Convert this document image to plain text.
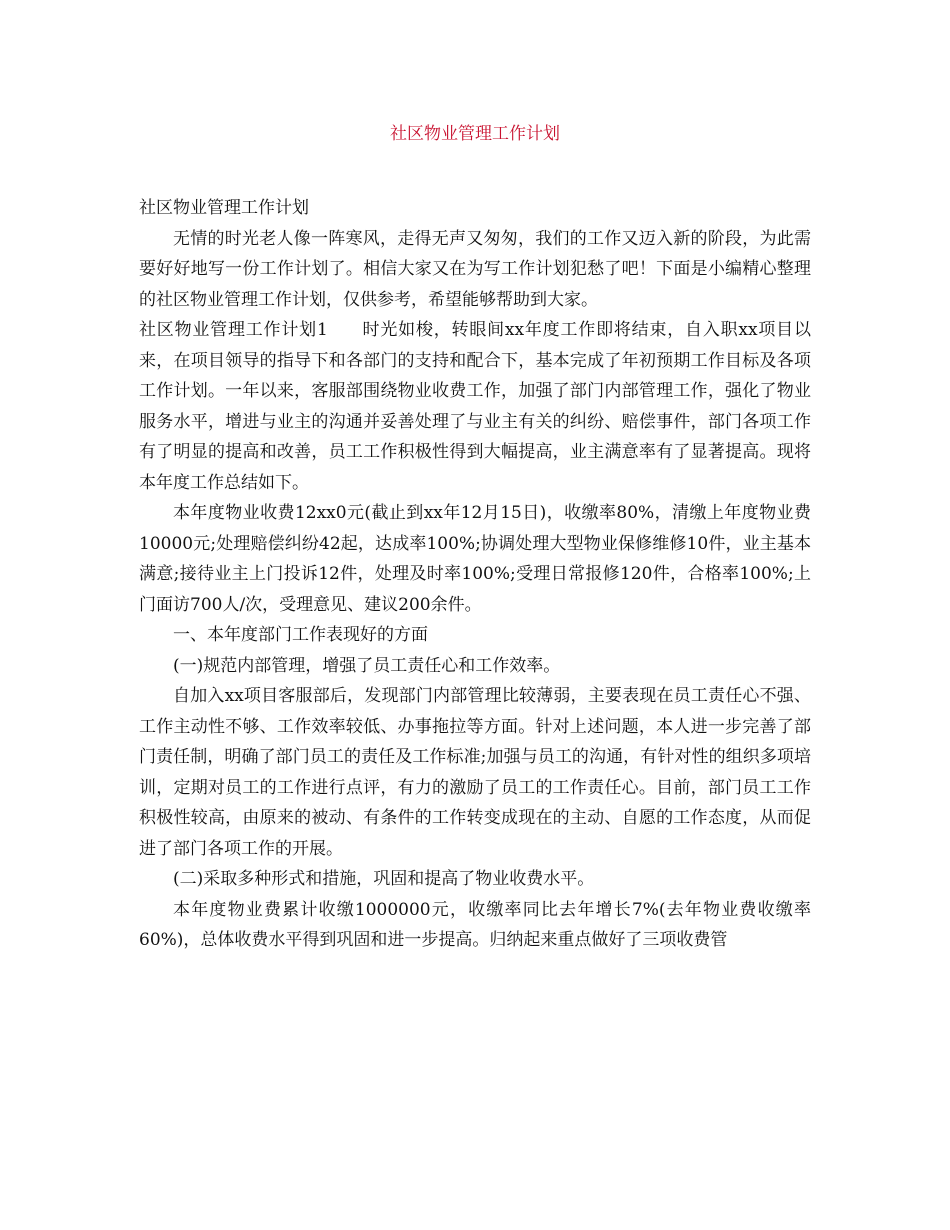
社区物业管理工作计划

社区物业管理工作计划

无情的时光老人像一阵寒风，走得无声又匆匆，我们的工作又迈入新的阶段，为此需要好好地写一份工作计划了。相信大家又在为写工作计划犯愁了吧！下面是小编精心整理的社区物业管理工作计划，仅供参考，希望能够帮助到大家。

社区物业管理工作计划1 时光如梭，转眼间xx年度工作即将结束，自入职xx项目以来，在项目领导的指导下和各部门的支持和配合下，基本完成了年初预期工作目标及各项工作计划。一年以来，客服部围绕物业收费工作，加强了部门内部管理工作，强化了物业服务水平，增进与业主的沟通并妥善处理了与业主有关的纠纷、赔偿事件，部门各项工作有了明显的提高和改善，员工工作积极性得到大幅提高，业主满意率有了显著提高。现将本年度工作总结如下。

本年度物业收费12xx0元(截止到xx年12月15日)，收缴率80%，清缴上年度物业费10000元;处理赔偿纠纷42起，达成率100%;协调处理大型物业保修维修10件，业主基本满意;接待业主上门投诉12件，处理及时率100%;受理日常报修120件，合格率100%;上门面访700人/次，受理意见、建议200余件。

一、本年度部门工作表现好的方面

(一)规范内部管理，增强了员工责任心和工作效率。

自加入xx项目客服部后，发现部门内部管理比较薄弱，主要表现在员工责任心不强、工作主动性不够、工作效率较低、办事拖拉等方面。针对上述问题，本人进一步完善了部门责任制，明确了部门员工的责任及工作标准;加强与员工的沟通，有针对性的组织多项培训，定期对员工的工作进行点评，有力的激励了员工的工作责任心。目前，部门员工工作积极性较高，由原来的被动、有条件的工作转变成现在的主动、自愿的工作态度，从而促进了部门各项工作的开展。

(二)采取多种形式和措施，巩固和提高了物业收费水平。

本年度物业费累计收缴1000000元，收缴率同比去年增长7%(去年物业费收缴率60%)，总体收费水平得到巩固和进一步提高。归纳起来重点做好了三项收费管
